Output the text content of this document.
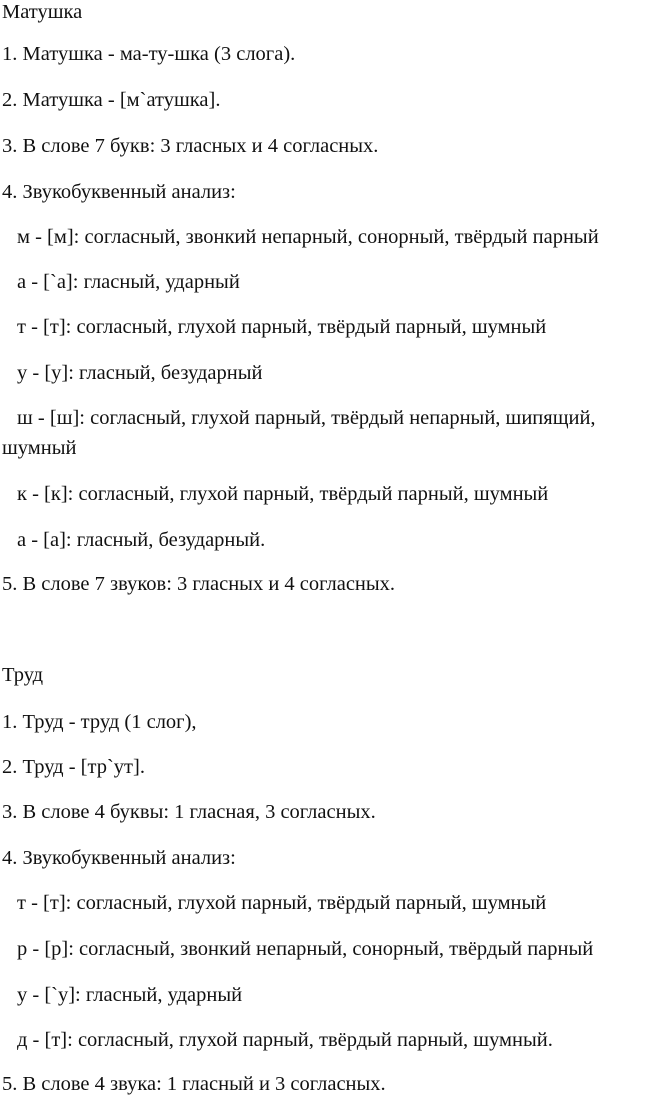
Матушка
1. Матушка - ма-ту-шка (3 слога).
2. Матушка - [м`атушка].
3. В слове 7 букв: 3 гласных и 4 согласных.
4. Звукобуквенный анализ:
м - [м]: согласный, звонкий непарный, сонорный, твёрдый парный
а - [`а]: гласный, ударный
т - [т]: согласный, глухой парный, твёрдый парный, шумный
у - [у]: гласный, безударный
ш - [ш]: согласный, глухой парный, твёрдый непарный, шипящий,
шумный
к - [к]: согласный, глухой парный, твёрдый парный, шумный
а - [а]: гласный, безударный.
5. В слове 7 звуков: 3 гласных и 4 согласных.
Труд
1. Труд - труд (1 слог),
2. Труд - [тр`ут].
3. В слове 4 буквы: 1 гласная, 3 согласных.
4. Звукобуквенный анализ:
т - [т]: согласный, глухой парный, твёрдый парный, шумный
р - [р]: согласный, звонкий непарный, сонорный, твёрдый парный
у - [`у]: гласный, ударный
д - [т]: согласный, глухой парный, твёрдый парный, шумный.
5. В слове 4 звука: 1 гласный и 3 согласных.
